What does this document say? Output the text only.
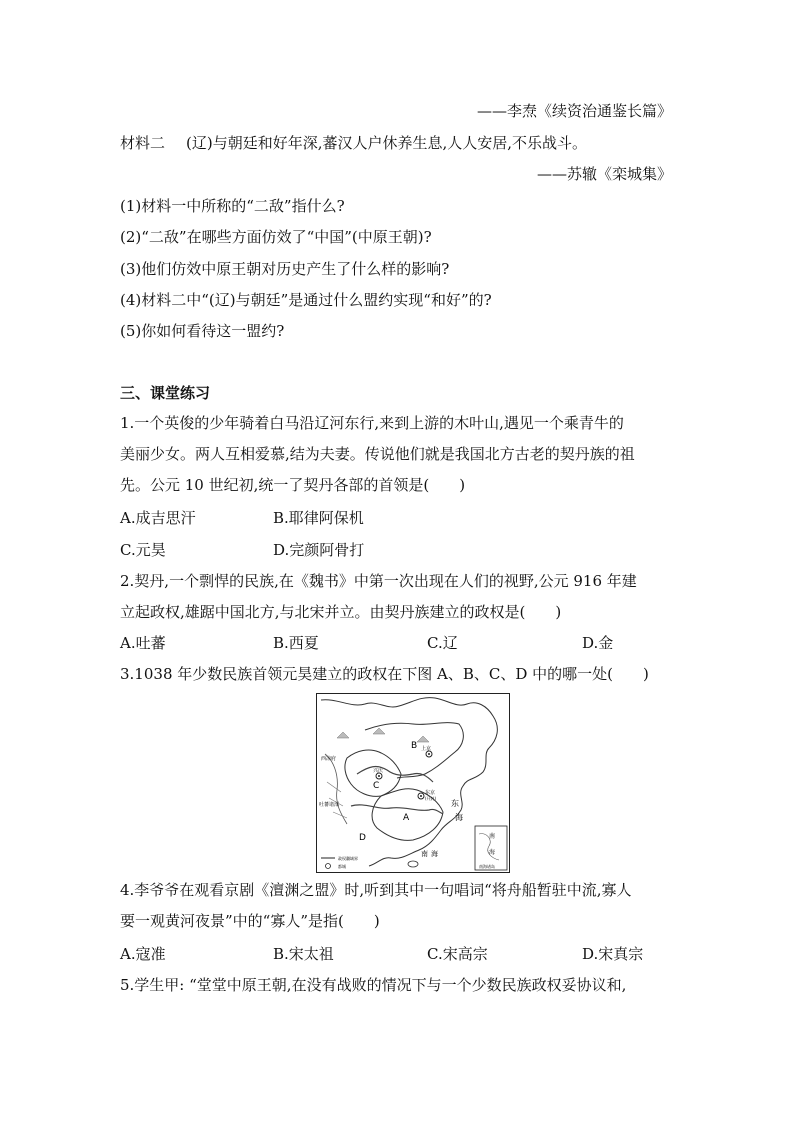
——李焘《续资治通鉴长篇》
材料二 (辽)与朝廷和好年深,蕃汉人户休养生息,人人安居,不乐战斗。
——苏辙《栾城集》
(1)材料一中所称的“二敌”指什么?
(2)“二敌”在哪些方面仿效了“中国”(中原王朝)?
(3)他们仿效中原王朝对历史产生了什么样的影响?
(4)材料二中“(辽)与朝廷”是通过什么盟约实现“和好”的?
(5)你如何看待这一盟约?
三、课堂练习
1.一个英俊的少年骑着白马沿辽河东行,来到上游的木叶山,遇见一个乘青牛的
美丽少女。两人互相爱慕,结为夫妻。传说他们就是我国北方古老的契丹族的祖
先。公元 10 世纪初,统一了契丹各部的首领是(　　)
A.成吉思汗	B.耶律阿保机
C.元昊	D.完颜阿骨打
2.契丹,一个剽悍的民族,在《魏书》中第一次出现在人们的视野,公元 916 年建
立起政权,雄踞中国北方,与北宋并立。由契丹族建立的政权是(　　)
A.吐蕃	B.西夏	C.辽	D.金
3.1038 年少数民族首领元昊建立的政权在下图 A、B、C、D 中的哪一处(　　)
A
B
C
D
上京
西凉府
吐蕃诸部
兴庆
东京
(开封)
东
海
南 海
南
海
南海诸岛
政权疆域界
都城
4.李爷爷在观看京剧《澶渊之盟》时,听到其中一句唱词“将舟船暂驻中流,寡人
要一观黄河夜景”中的“寡人”是指(　　)
A.寇准	B.宋太祖	C.宋高宗	D.宋真宗
5.学生甲: “堂堂中原王朝,在没有战败的情况下与一个少数民族政权妥协议和,
